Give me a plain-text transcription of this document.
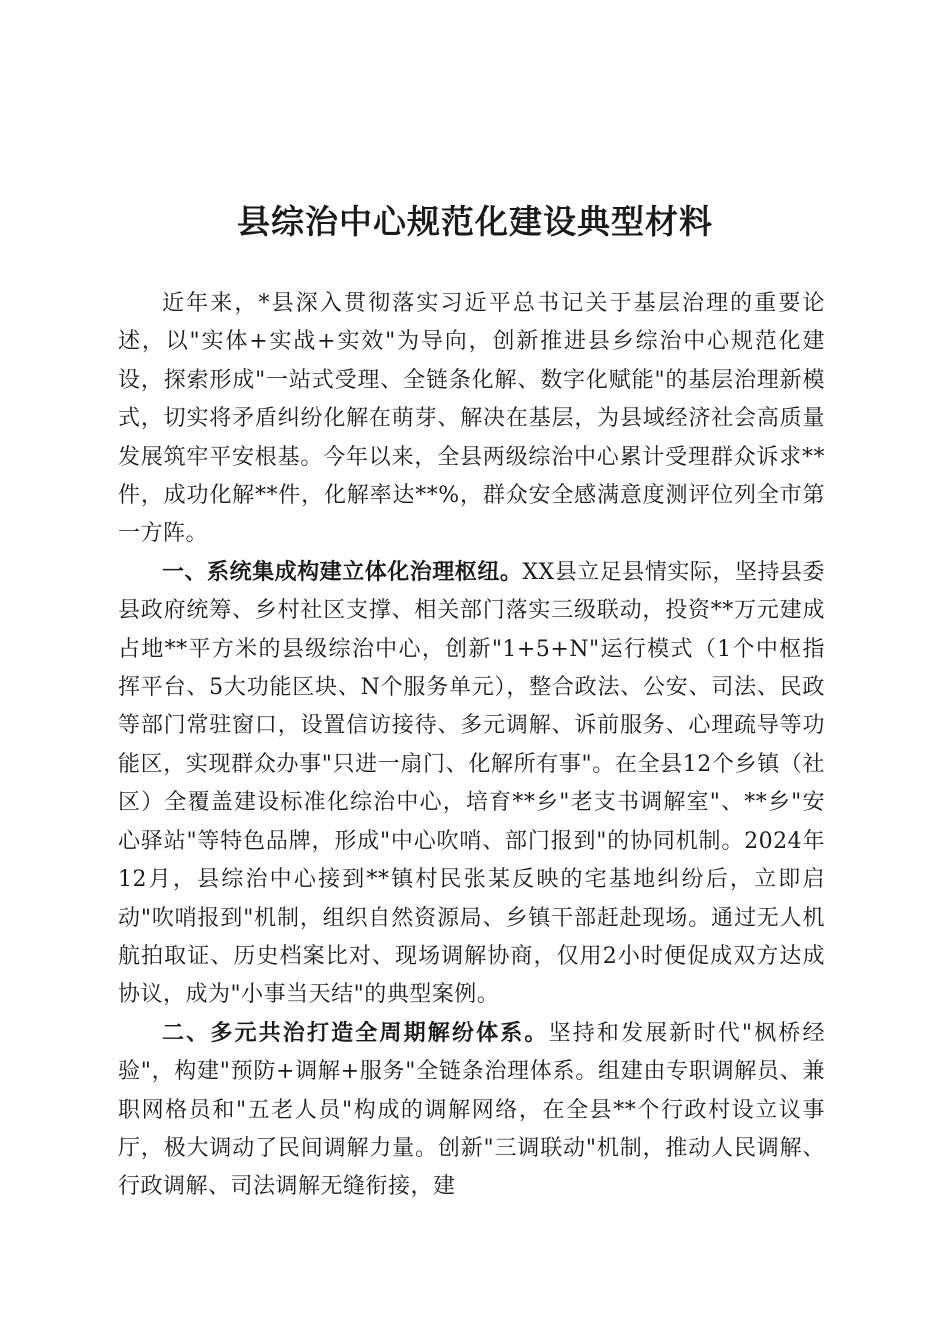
县综治中心规范化建设典型材料

近年来，*县深入贯彻落实习近平总书记关于基层治理的重要论述，以"实体+实战+实效"为导向，创新推进县乡综治中心规范化建设，探索形成"一站式受理、全链条化解、数字化赋能"的基层治理新模式，切实将矛盾纠纷化解在萌芽、解决在基层，为县域经济社会高质量发展筑牢平安根基。今年以来，全县两级综治中心累计受理群众诉求**件，成功化解**件，化解率达**%，群众安全感满意度测评位列全市第一方阵。

一、系统集成构建立体化治理枢纽。XX县立足县情实际，坚持县委县政府统筹、乡村社区支撑、相关部门落实三级联动，投资**万元建成占地**平方米的县级综治中心，创新"1+5+N"运行模式（1个中枢指挥平台、5大功能区块、N个服务单元），整合政法、公安、司法、民政等部门常驻窗口，设置信访接待、多元调解、诉前服务、心理疏导等功能区，实现群众办事"只进一扇门、化解所有事"。在全县12个乡镇（社区）全覆盖建设标准化综治中心，培育**乡"老支书调解室"、**乡"安心驿站"等特色品牌，形成"中心吹哨、部门报到"的协同机制。2024年12月，县综治中心接到**镇村民张某反映的宅基地纠纷后，立即启动"吹哨报到"机制，组织自然资源局、乡镇干部赶赴现场。通过无人机航拍取证、历史档案比对、现场调解协商，仅用2小时便促成双方达成协议，成为"小事当天结"的典型案例。

二、多元共治打造全周期解纷体系。坚持和发展新时代"枫桥经验"，构建"预防+调解+服务"全链条治理体系。组建由专职调解员、兼职网格员和"五老人员"构成的调解网络，在全县**个行政村设立议事厅，极大调动了民间调解力量。创新"三调联动"机制，推动人民调解、行政调解、司法调解无缝衔接，建
